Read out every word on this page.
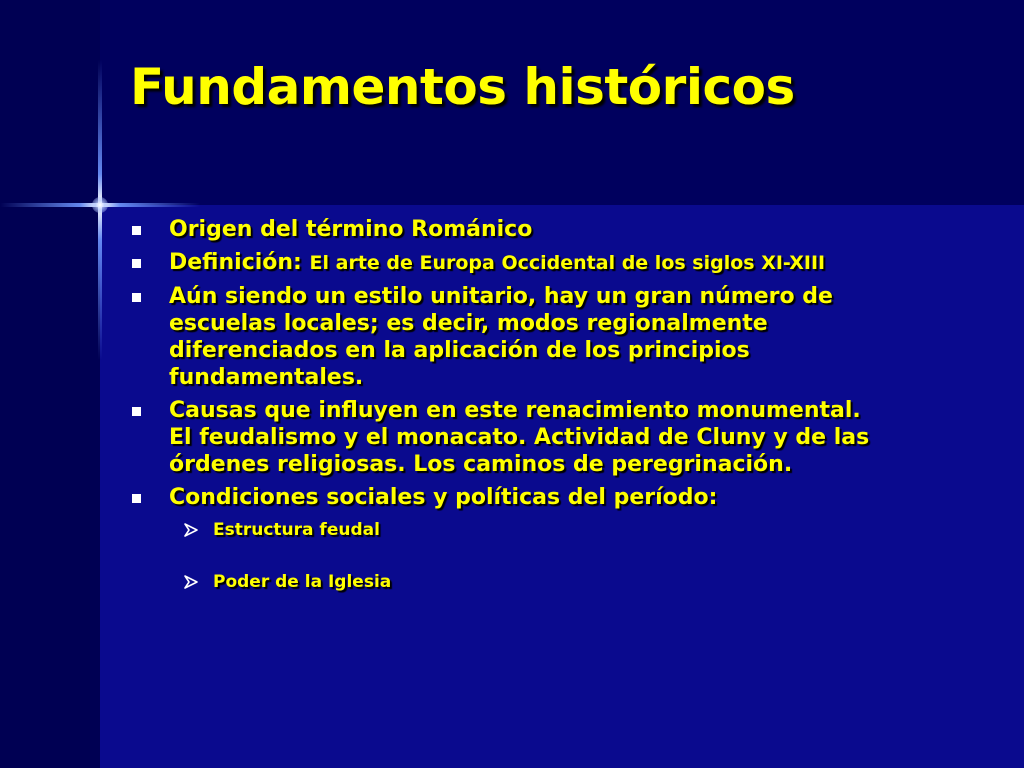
Fundamentos históricos
Origen del término Románico
Definición: El arte de Europa Occidental de los siglos XI-XIII
Aún siendo un estilo unitario, hay un gran número de escuelas locales; es decir, modos regionalmente diferenciados en la aplicación de los principios fundamentales.
Causas que influyen en este renacimiento monumental. El feudalismo y el monacato. Actividad de Cluny y de las órdenes religiosas. Los caminos de peregrinación.
Condiciones sociales y políticas del período:
Estructura feudal
Poder de la Iglesia
